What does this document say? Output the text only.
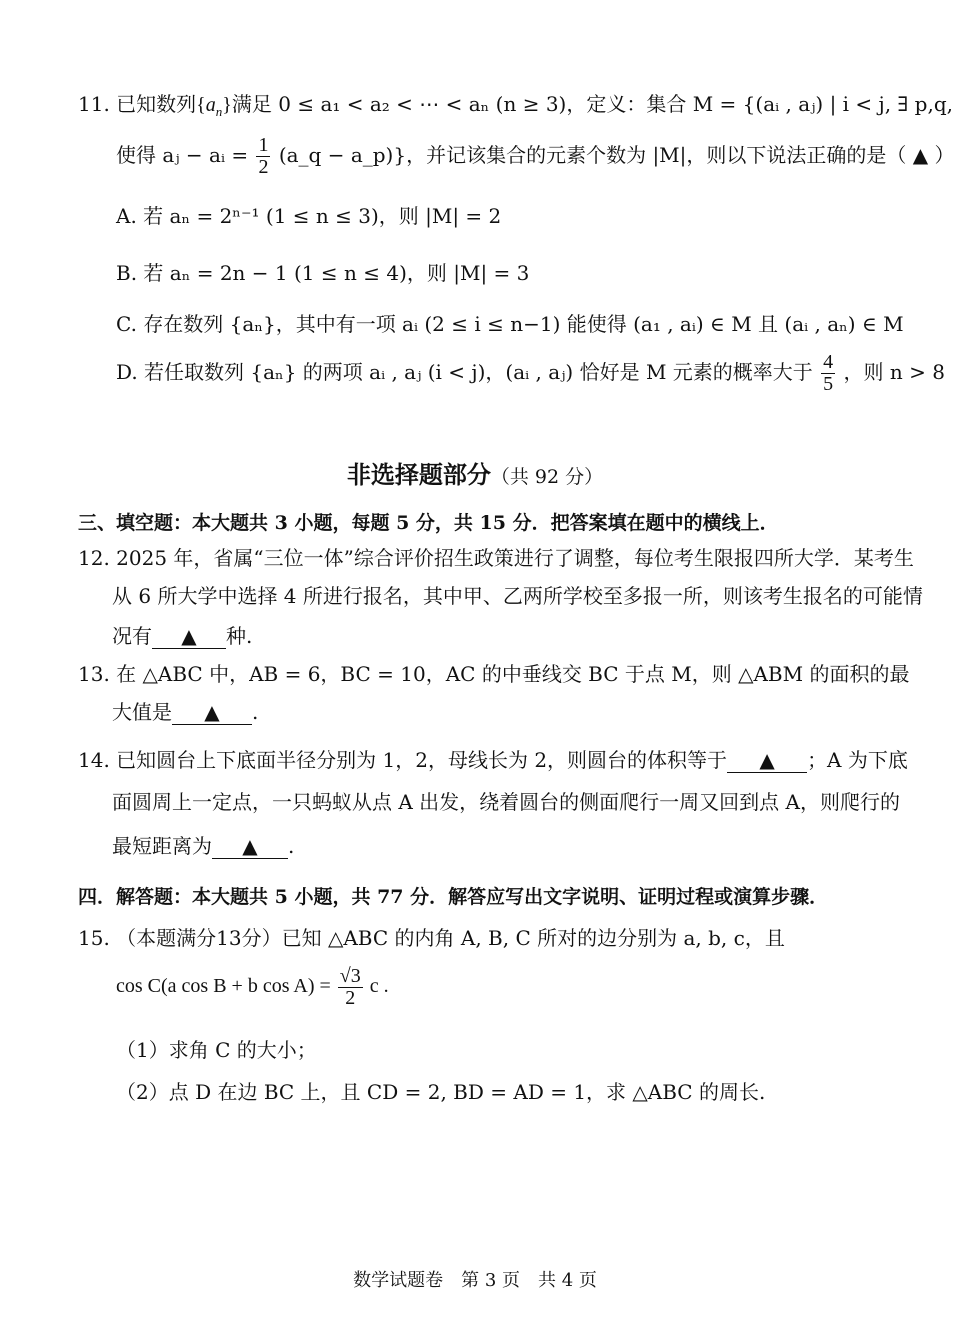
11. 已知数列$\{a_n\}$满足 0 ≤ a₁ < a₂ < ⋯ < aₙ (n ≥ 3)，定义：集合 M = {(aᵢ , aⱼ) | i < j, ∃ p,q,
使得 aⱼ − aᵢ = $\frac{1}{2}$ (a_q − a_p)}，并记该集合的元素个数为 |M|，则以下说法正确的是（ ▲ ）
A. 若 aₙ = 2ⁿ⁻¹ (1 ≤ n ≤ 3)，则 |M| = 2
B. 若 aₙ = 2n − 1 (1 ≤ n ≤ 4)，则 |M| = 3
C. 存在数列 {aₙ}，其中有一项 aᵢ (2 ≤ i ≤ n−1) 能使得 (a₁ , aᵢ) ∈ M 且 (aᵢ , aₙ) ∈ M
D. 若任取数列 {aₙ} 的两项 aᵢ , aⱼ (i < j)，(aᵢ , aⱼ) 恰好是 M 元素的概率大于 $\frac{4}{5}$ ，则 n > 8
非选择题部分（共 92 分）
三、填空题：本大题共 3 小题，每题 5 分，共 15 分．把答案填在题中的横线上．
12. 2025 年，省属“三位一体”综合评价招生政策进行了调整，每位考生限报四所大学．某考生
从 6 所大学中选择 4 所进行报名，其中甲、乙两所学校至多报一所，则该考生报名的可能情
况有 ▲ 种.
13. 在 △ABC 中，AB = 6，BC = 10，AC 的中垂线交 BC 于点 M，则 △ABM 的面积的最
大值是 ▲ .
14. 已知圆台上下底面半径分别为 1，2，母线长为 2，则圆台的体积等于 ▲ ；A 为下底
面圆周上一定点，一只蚂蚁从点 A 出发，绕着圆台的侧面爬行一周又回到点 A，则爬行的
最短距离为 ▲ .
四．解答题：本大题共 5 小题，共 77 分．解答应写出文字说明、证明过程或演算步骤．
15. （本题满分13分）已知 △ABC 的内角 A, B, C 所对的边分别为 a, b, c，且
cos C(a cos B + b $\cos A) = \frac{√3}{2}$ c .
（1）求角 C 的大小；
（2）点 D 在边 BC 上，且 CD = 2, BD = AD = 1，求 △ABC 的周长.
数学试题卷　第 3 页　共 4 页
